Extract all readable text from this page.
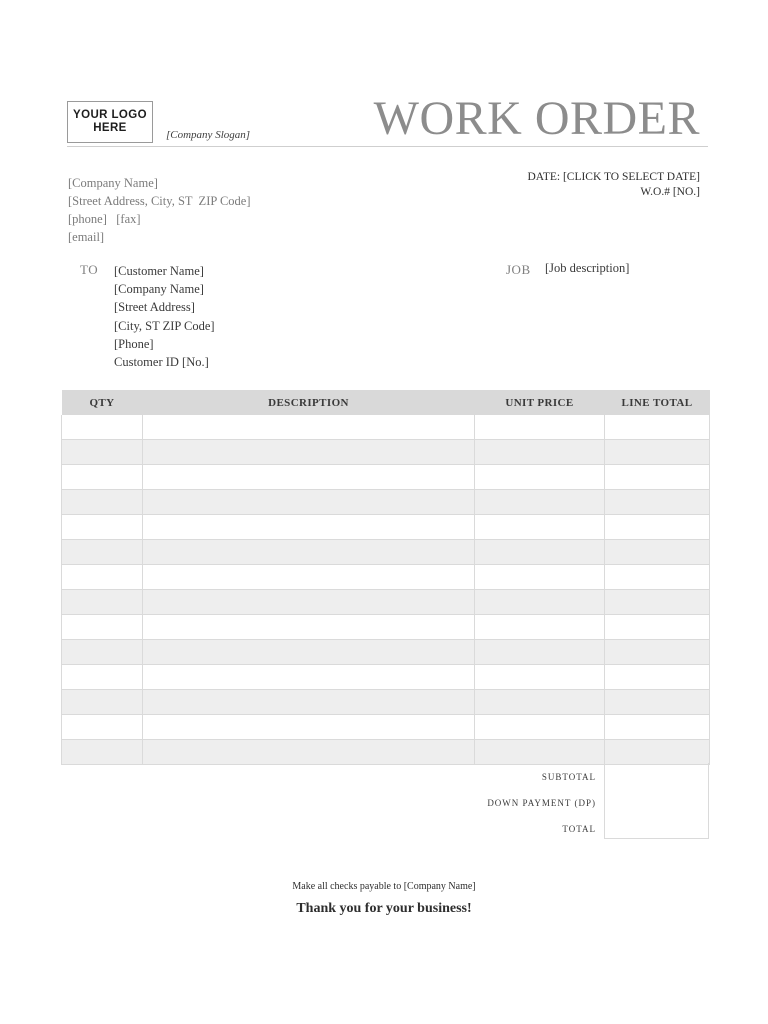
YOUR LOGO
HERE
[Company Slogan]	WORK ORDER
[Company Name]
[Street Address, City, ST  ZIP Code]
[phone]   [fax]
[email]
DATE: [CLICK TO SELECT DATE]
W.O.# [NO.]
TO [Customer Name]
[Company Name]
[Street Address]
[City, ST ZIP Code]
[Phone]
Customer ID [No.]
JOB [Job description]
QTY	DESCRIPTION	UNIT PRICE	LINE TOTAL

SUBTOTAL
DOWN PAYMENT (DP)
TOTAL
Make all checks payable to [Company Name]
Thank you for your business!
